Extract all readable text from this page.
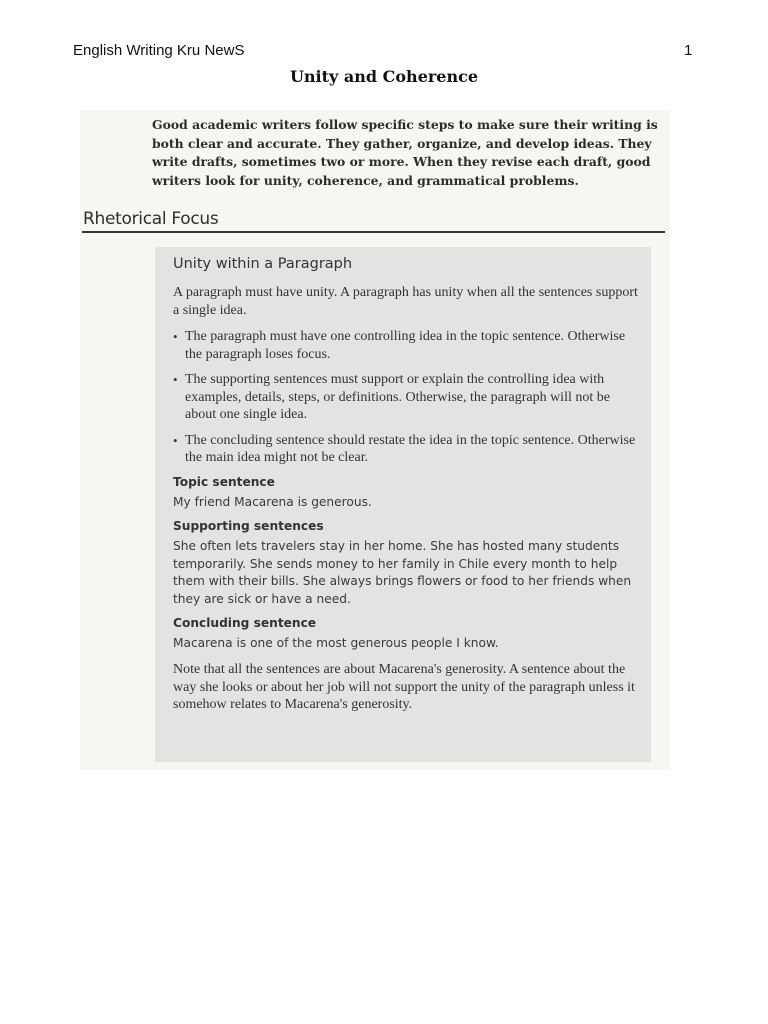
English Writing Kru NewS	1
Unity and Coherence

Good academic writers follow specific steps to make sure their writing is both clear and accurate. They gather, organize, and develop ideas. They write drafts, sometimes two or more. When they revise each draft, good writers look for unity, coherence, and grammatical problems.

Rhetorical Focus
Unity within a Paragraph

A paragraph must have unity. A paragraph has unity when all the sentences support a single idea.

• The paragraph must have one controlling idea in the topic sentence. Otherwise the paragraph loses focus.
• The supporting sentences must support or explain the controlling idea with examples, details, steps, or definitions. Otherwise, the paragraph will not be about one single idea.
• The concluding sentence should restate the idea in the topic sentence. Otherwise the main idea might not be clear.
Topic sentence

My friend Macarena is generous.

Supporting sentences

She often lets travelers stay in her home. She has hosted many students temporarily. She sends money to her family in Chile every month to help them with their bills. She always brings flowers or food to her friends when they are sick or have a need.

Concluding sentence

Macarena is one of the most generous people I know.

Note that all the sentences are about Macarena's generosity. A sentence about the way she looks or about her job will not support the unity of the paragraph unless it somehow relates to Macarena's generosity.
